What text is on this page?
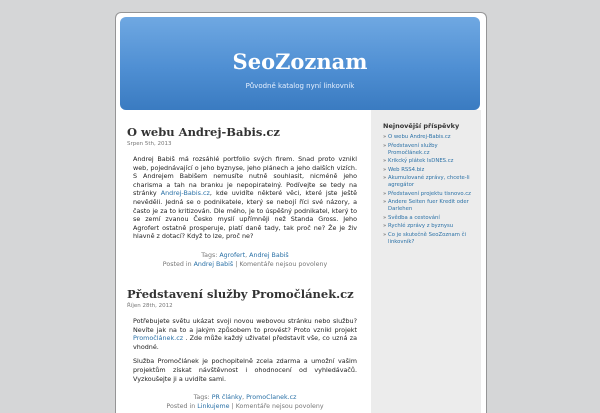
SeoZoznam
Původně katalog nyní linkovník
O webu Andrej-Babis.cz
Srpen 5th, 2013

Andrej Babiš má rozsáhlé portfolio svých firem. Snad proto vznikl web, pojednávající o jeho byznyse, jeho plánech a jeho dalších vizích. S Andrejem Babišem nemusíte nutně souhlasit, nicméně jeho charisma a tah na branku je nepopiratelný. Podívejte se tedy na stránky Andrej-Babis.cz, kde uvidíte některé věci, které jste ještě nevěděli. Jedná se o podnikatele, který se nebojí říci své názory, a často je za to kritizován. Dle mého, je to úspěšný podnikatel, který to se zemí zvanou Česko myslí upřímněji než Standa Gross. Jeho Agrofert ostatně prosperuje, platí daně tady, tak proč ne? Že je živ hlavně z dotací? Když to lze, proč ne?

Tags: Agrofert, Andrej Babiš
Posted in Andrej Babiš | Komentáře nejsou povoleny
Představení služby Promočlánek.cz
Říjen 28th, 2012

Potřebujete světu ukázat svoji novou webovou stránku nebo službu? Nevíte jak na to a jakým způsobem to provést? Proto vznikl projekt Promočlánek.cz . Zde může každý uživatel představit vše, co uzná za vhodné.

Služba Promočlánek je pochopitelně zcela zdarma a umožní vašim projektům získat návštěvnost i ohodnocení od vyhledávačů. Vyzkoušejte ji a uvidíte sami.

Tags: PR články, PromoClanek.cz
Posted in Linkujeme | Komentáře nejsou povoleny
Nejnovější příspěvky
» O webu Andrej-Babis.cz
» Představení služby Promočlánek.cz
» Krikcký plátek IsDNES.cz
» Web RSS4.biz
» Akumulované zprávy, chcete-li agregátor
» Představení projektu tisnovo.cz
» Andere Seiten fuer Kredit oder Darlehen
» Svědba a cestování
» Rychlé zprávy z byznysu
» Co je skutečně SeoZoznam či linkovník?
